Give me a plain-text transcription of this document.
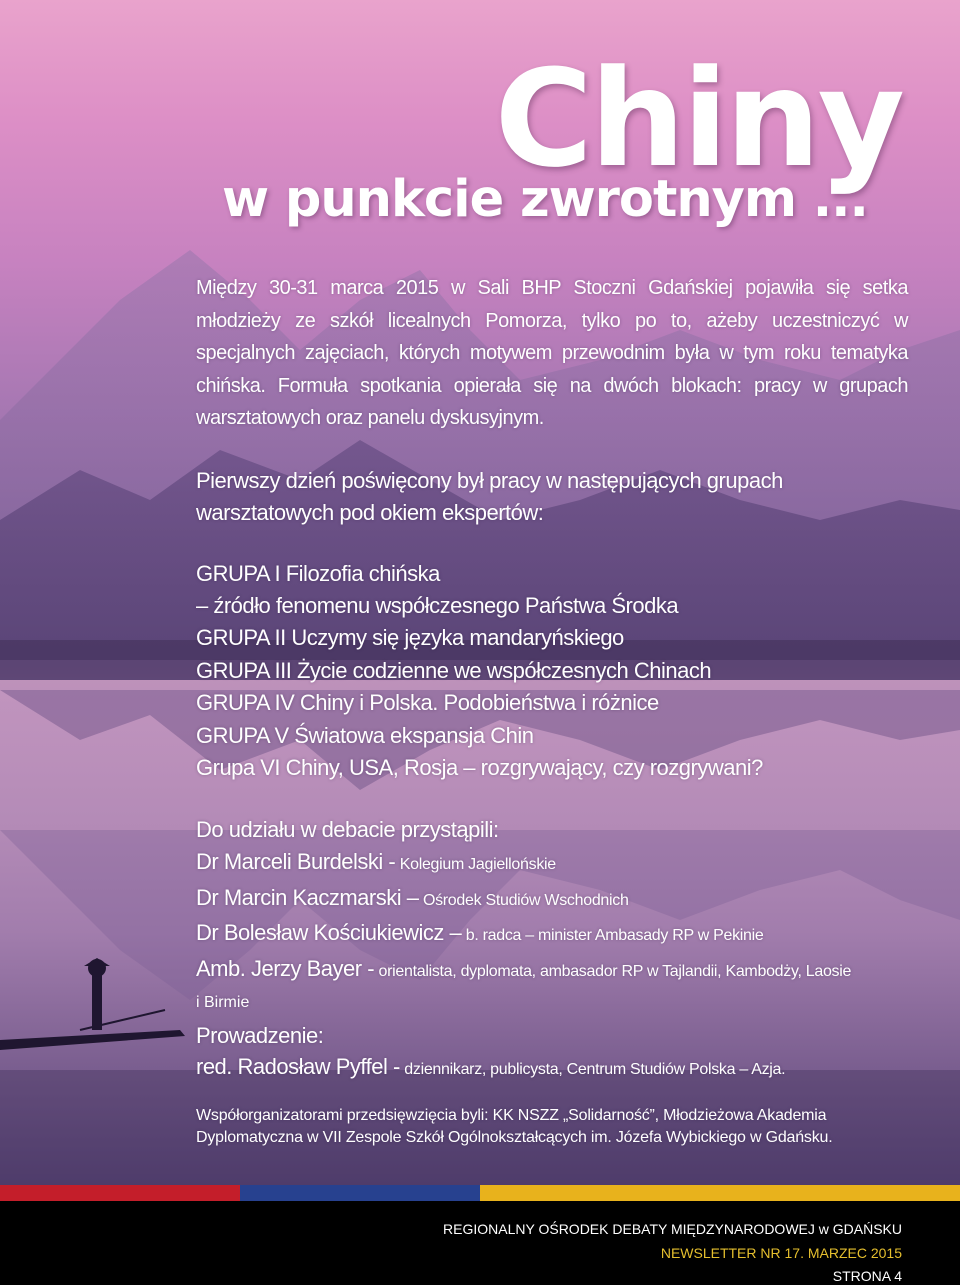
Chiny
w punkcie zwrotnym ...

Między 30-31 marca 2015 w Sali BHP Stoczni Gdańskiej pojawiła się setka młodzieży ze szkół licealnych Pomorza, tylko po to, ażeby uczestniczyć w specjalnych zajęciach, których motywem przewodnim była w tym roku tematyka chińska. Formuła spotkania opierała się na dwóch blokach: pracy w grupach warsztatowych oraz panelu dyskusyjnym.

Pierwszy dzień poświęcony był pracy w następujących grupach warsztatowych pod okiem ekspertów:

GRUPA I Filozofia chińska
– źródło fenomenu współczesnego Państwa Środka
GRUPA II Uczymy się języka mandaryńskiego
GRUPA III Życie codzienne we współczesnych Chinach
GRUPA IV Chiny i Polska. Podobieństwa i różnice
GRUPA V Światowa ekspansja Chin
Grupa VI Chiny, USA, Rosja – rozgrywający, czy rozgrywani?
Do udziału w debacie przystąpili:
Dr Marceli Burdelski - Kolegium Jagiellońskie
Dr Marcin Kaczmarski – Ośrodek Studiów Wschodnich
Dr Bolesław Kościukiewicz – b. radca – minister Ambasady RP w Pekinie
Amb. Jerzy Bayer - orientalista, dyplomata, ambasador RP w Tajlandii, Kambodży, Laosie
i Birmie
Prowadzenie:
red. Radosław Pyffel - dziennikarz, publicysta, Centrum Studiów Polska – Azja.

Współorganizatorami przedsięwzięcia byli: KK NSZZ „Solidarność”, Młodzieżowa Akademia Dyplomatyczna w VII Zespole Szkół Ogólnokształcących im. Józefa Wybickiego w Gdańsku.

REGIONALNY OŚRODEK DEBATY MIĘDZYNARODOWEJ w GDAŃSKU
NEWSLETTER NR 17. MARZEC 2015
STRONA 4
